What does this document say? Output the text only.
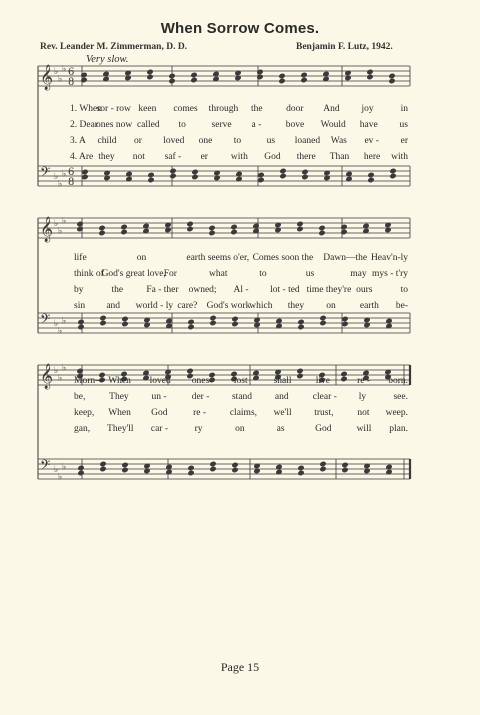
When Sorrow Comes.
Rev. Leander M. Zimmerman, D. D.	Benjamin F. Lutz, 1942.
Very slow.
𝄞
𝄢
♭
♭
♭
♭
♭
♭
6
8
6
8
𝄞
𝄢
♭
♭
♭
♭
♭
♭
𝄞
𝄢
♭
♭
♭
♭
♭
♭
1. When
sor - row keen comes through the door And joy	in
2. Dear
ones now called to	serve a -	bove Would have us
3. A child or loved one to	us loaned Was ev - er
4. Are they not saf - er with God there Than here with
life	on	earth seems o'er, Comes soon the Dawn—the Heav'n-ly
think of
God's great love,
For	what	to	us	may mys - t'ry
by	the Fa - ther owned; Al - lot - ted time they're ours	to
sin and world - ly care? God's work
which they on	earth be-
Morn— When loved ones	lost	shall	live	re - born.
be,	They un -	der - stand and	clear - ly	see.
keep, When God	re -	claims, we'll trust,	not weep.
gan, They'll car -	ry	on	as	God	will plan.
Page 15
